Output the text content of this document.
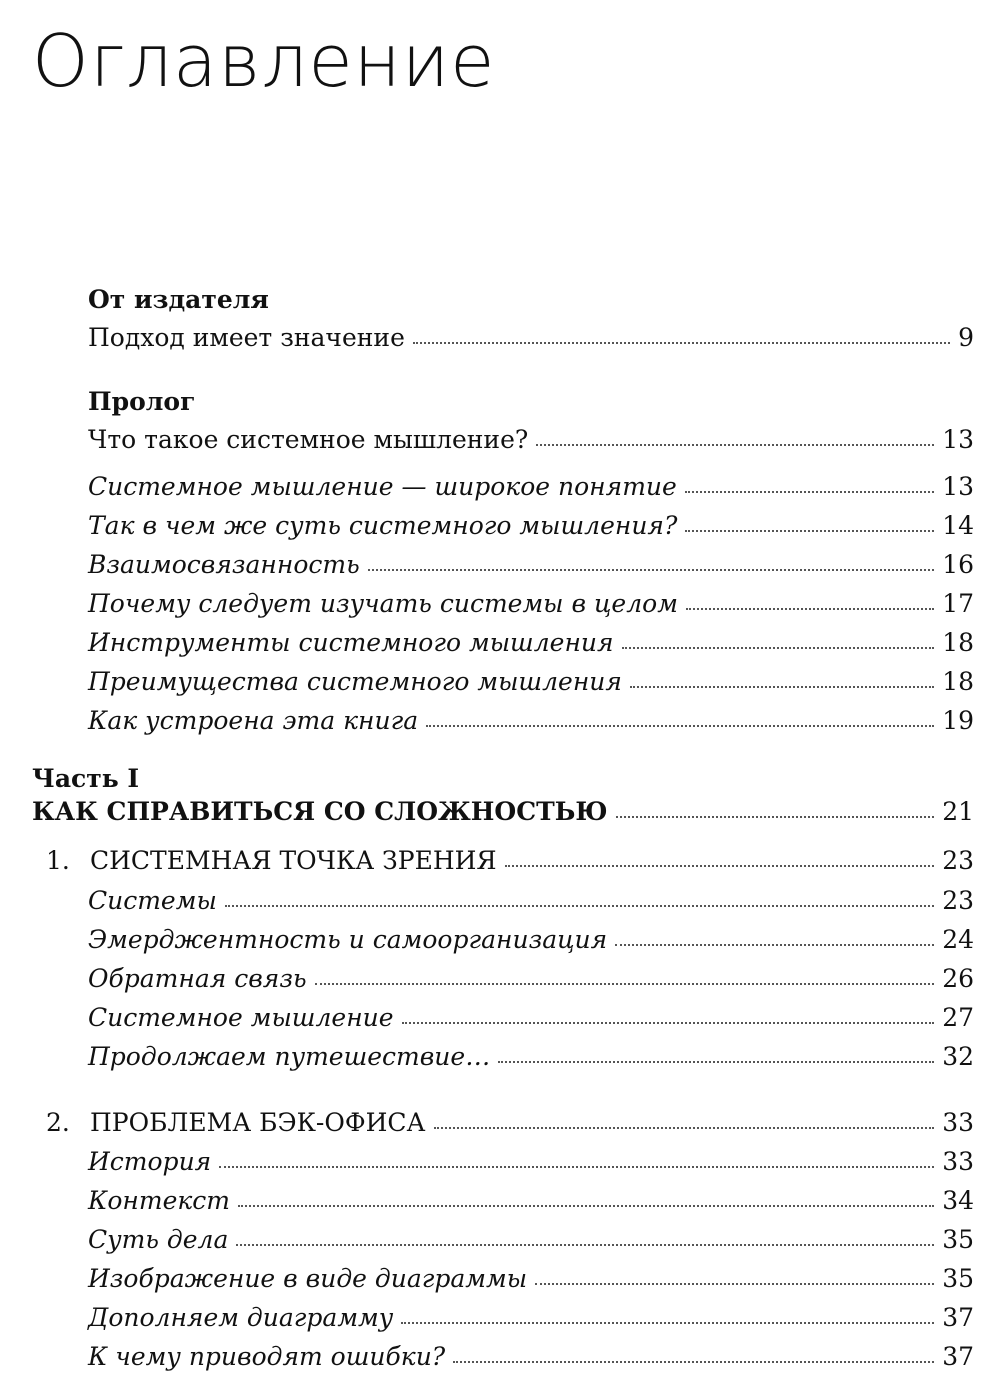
Оглавление
От издателя
Подход имеет значение	9
Пролог
Что такое системное мышление?	13
Системное мышление — широкое понятие	13
Так в чем же суть системного мышления?	14
Взаимосвязанность	16
Почему следует изучать системы в целом	17
Инструменты системного мышления	18
Преимущества системного мышления	18
Как устроена эта книга	19
Часть I
КАК СПРАВИТЬСЯ СО СЛОЖНОСТЬЮ	21
1. СИСТЕМНАЯ ТОЧКА ЗРЕНИЯ	23
Системы	23
Эмерджентность и самоорганизация	24
Обратная связь	26
Системное мышление	27
Продолжаем путешествие…	32
2. ПРОБЛЕМА БЭК-ОФИСА	33
История	33
Контекст	34
Суть дела	35
Изображение в виде диаграммы	35
Дополняем диаграмму	37
К чему приводят ошибки?	37
